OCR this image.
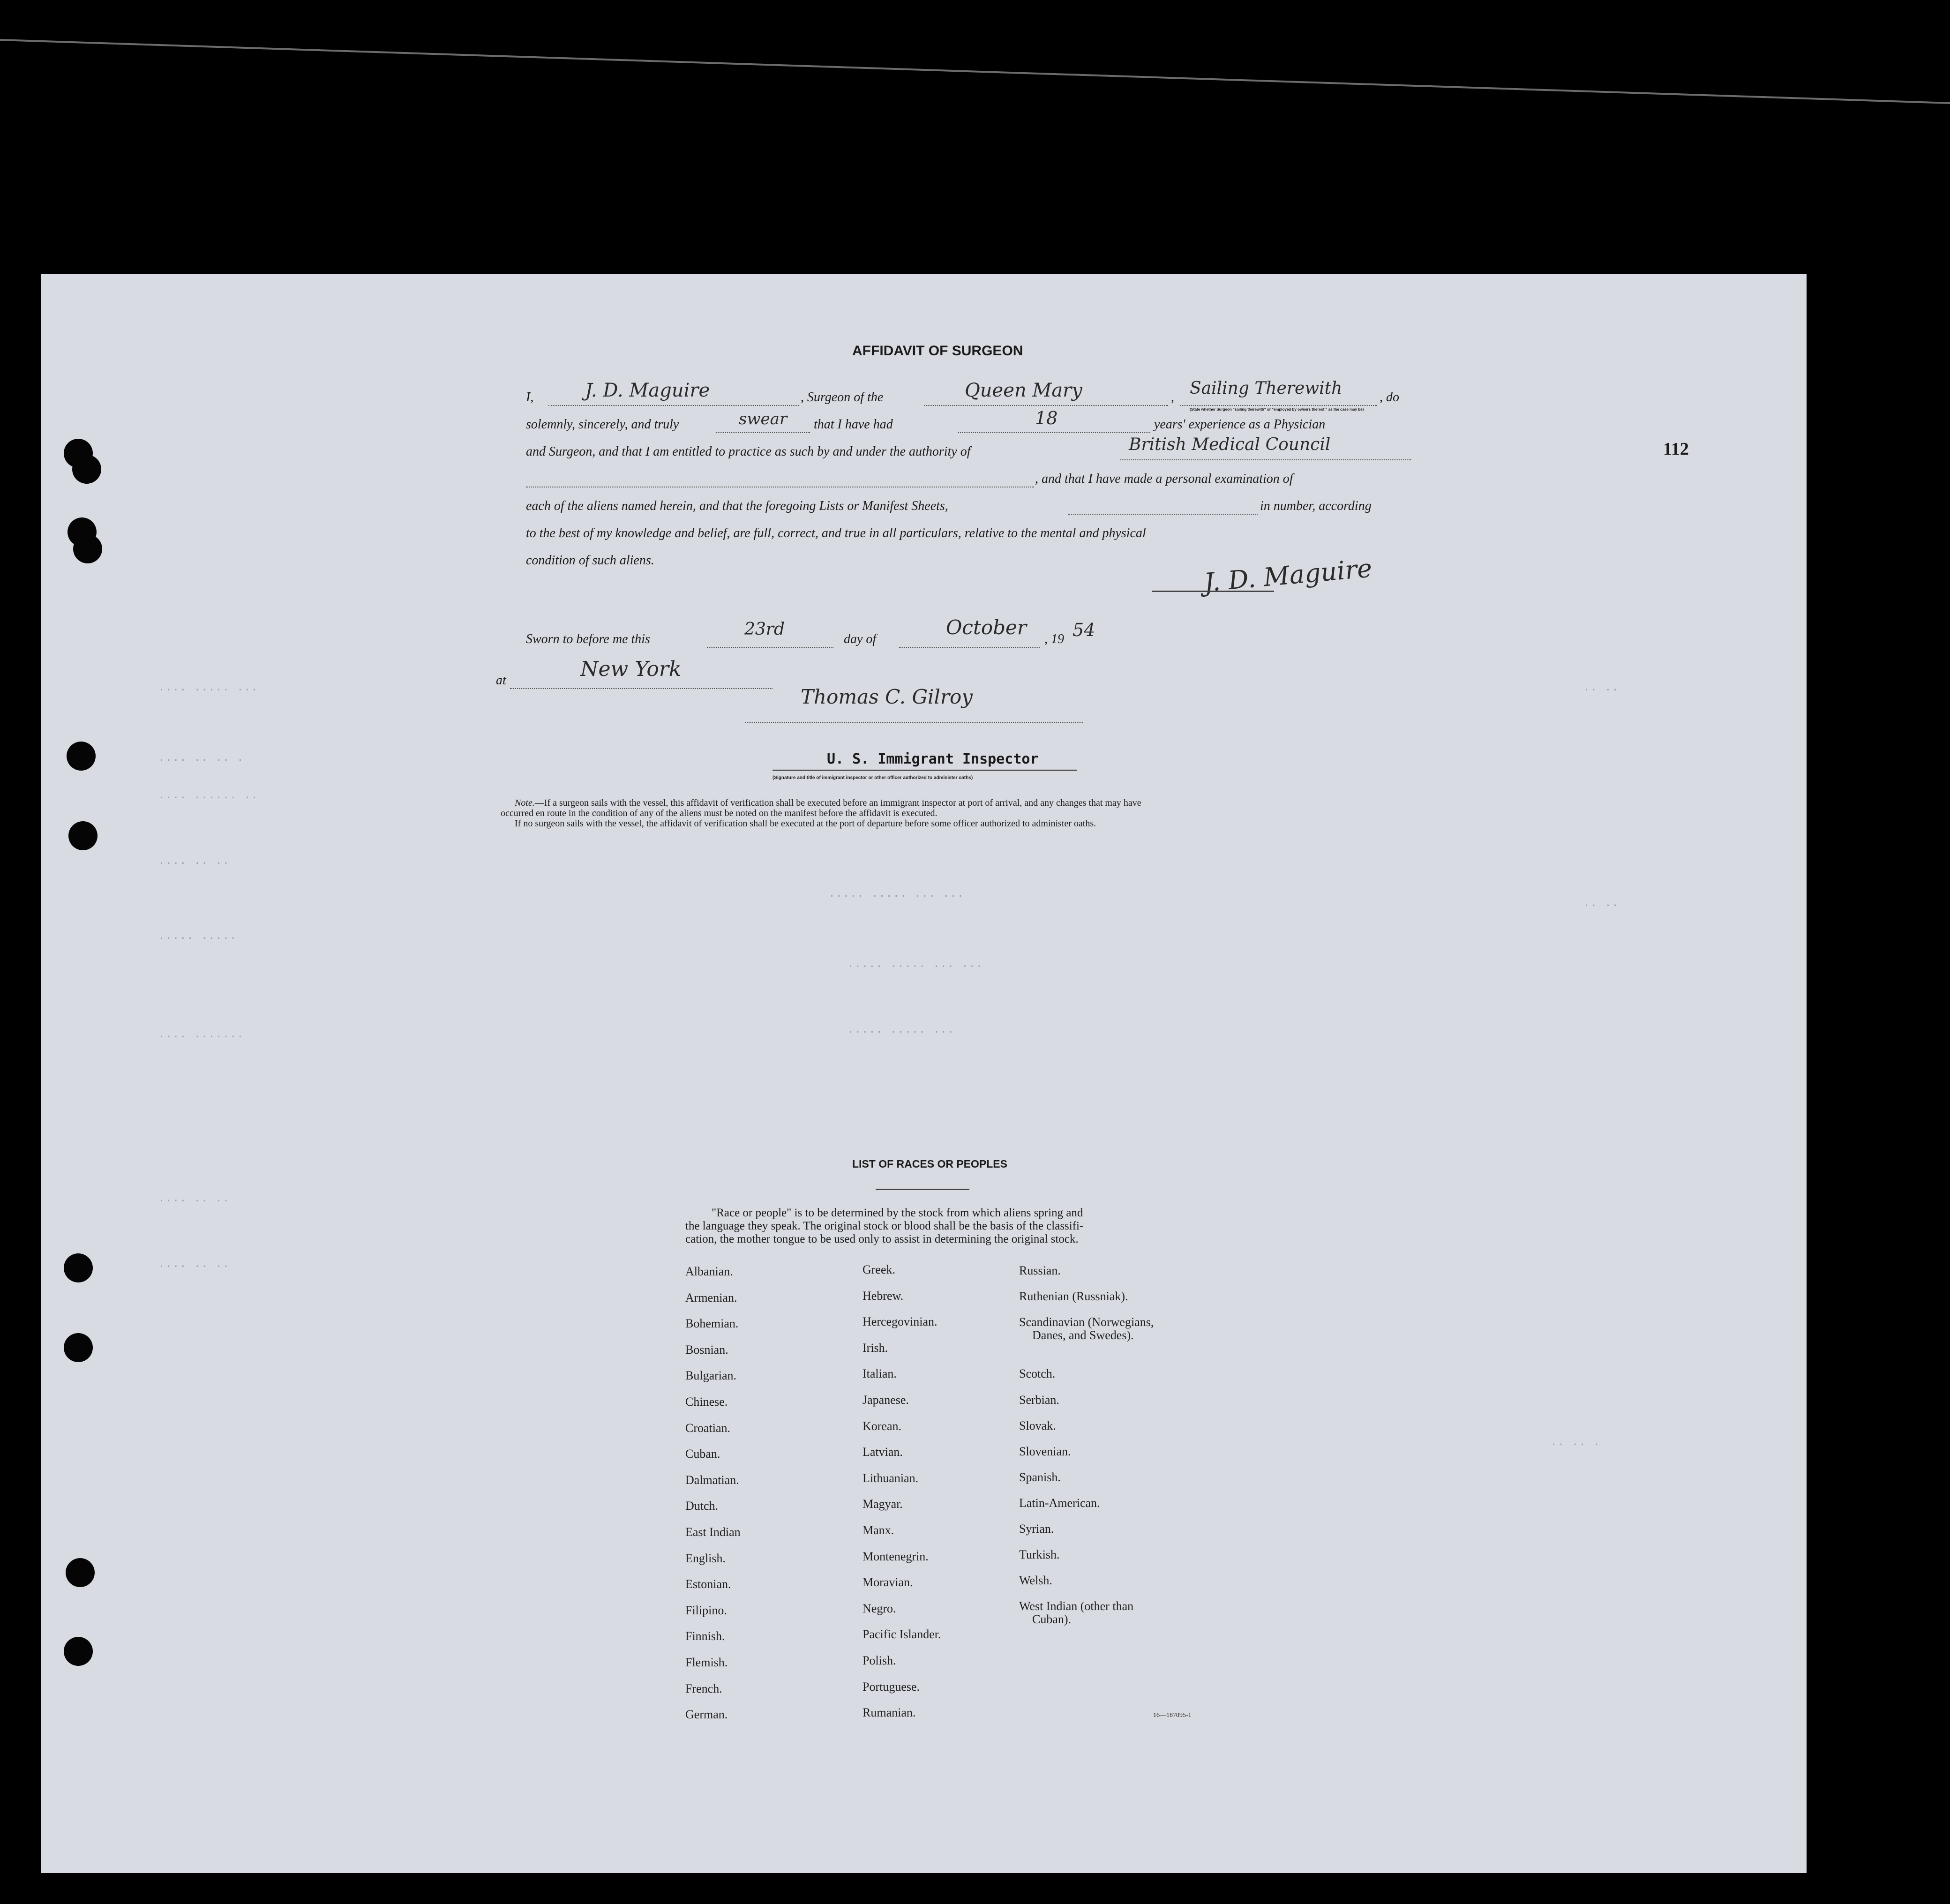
112
.... ..... ...
.... .. .. .
.... ...... ..
.... .. ..
..... .....
.... .......
.... .. ..
.... .. ..
..... ..... ... ...
..... ..... ... ...
..... ..... ...
.. ..
.. ..
.. .. .
AFFIDAVIT OF SURGEON
I,	J. D. Maguire	, Surgeon of the	Queen Mary	, Sailing Therewith	, do
(State whether Surgeon "sailing therewith" or "employed by owners thereof," as the case may be)
solemnly, sincerely, and truly	swear that I have had	18	years' experience as a Physician
and Surgeon, and that I am entitled to practice as such by and under the authority of	British Medical Council
, and that I have made a personal examination of
each of the aliens named herein, and that the foregoing Lists or Manifest Sheets,	in number, according
to the best of my knowledge and belief, are full, correct, and true in all particulars, relative to the mental and physical
condition of such aliens.	J. D. Maguire
Sworn to before me this
23rd
day of
October
, 19 54
at	New York
Thomas C. Gilroy
U. S. Immigrant Inspector
(Signature and title of immigrant inspector or other officer authorized to administer oaths)
Note.—If a surgeon sails with the vessel, this affidavit of verification shall be executed before an immigrant inspector at port of arrival, and any changes that may have
occurred en route in the condition of any of the aliens must be noted on the manifest before the affidavit is executed.
If no surgeon sails with the vessel, the affidavit of verification shall be executed at the port of departure before some officer authorized to administer oaths.
LIST OF RACES OR PEOPLES
"Race or people" is to be determined by the stock from which aliens spring and
the language they speak. The original stock or blood shall be the basis of the classifi-
cation, the mother tongue to be used only to assist in determining the original stock.
Albanian.
Armenian.
Bohemian.
Bosnian.
Bulgarian.
Chinese.
Croatian.
Cuban.
Dalmatian.
Dutch.
East Indian
English.
Estonian.
Filipino.
Finnish.
Flemish.
French.
German.
Greek.
Hebrew.
Hercegovinian.
Irish.
Italian.
Japanese.
Korean.
Latvian.
Lithuanian.
Magyar.
Manx.
Montenegrin.
Moravian.
Negro.
Pacific Islander.
Polish.
Portuguese.
Rumanian.
Russian.
Ruthenian (Russniak).
Scandinavian (Norwegians,
Danes, and Swedes).
Scotch.
Serbian.
Slovak.
Slovenian.
Spanish.
Latin-American.
Syrian.
Turkish.
Welsh.
West Indian (other than
Cuban).
16—187095-1
